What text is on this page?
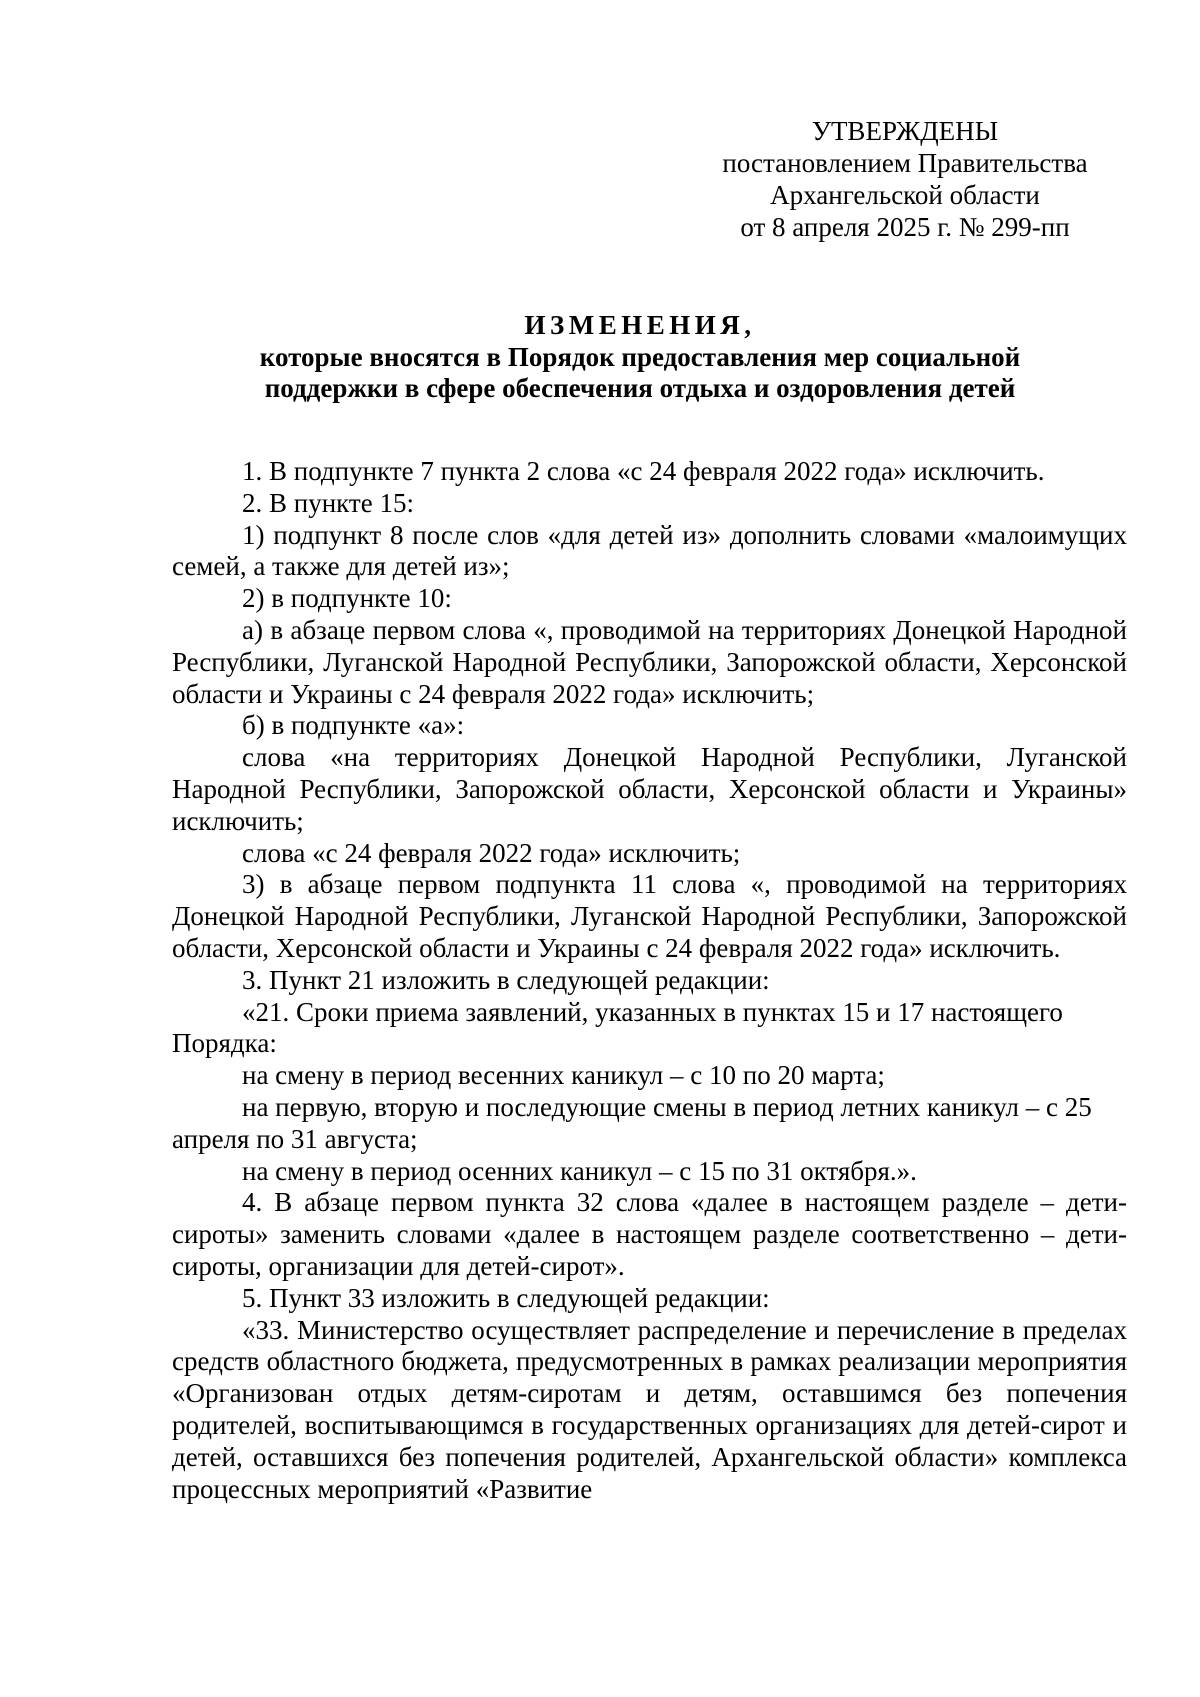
УТВЕРЖДЕНЫ
постановлением Правительства
Архангельской области
от 8 апреля 2025 г. № 299-пп
ИЗМЕНЕНИЯ,
которые вносятся в Порядок предоставления мер социальной
поддержки в сфере обеспечения отдыха и оздоровления детей

1. В подпункте 7 пункта 2 слова «с 24 февраля 2022 года» исключить.

2. В пункте 15:

1) подпункт 8 после слов «для детей из» дополнить словами «малоимущих семей, а также для детей из»;

2) в подпункте 10:

а) в абзаце первом слова «, проводимой на территориях Донецкой Народной Республики, Луганской Народной Республики, Запорожской области, Херсонской области и Украины с 24 февраля 2022 года» исключить;

б) в подпункте «а»:

слова «на территориях Донецкой Народной Республики, Луганской Народной Республики, Запорожской области, Херсонской области и Украины» исключить;

слова «с 24 февраля 2022 года» исключить;

3) в абзаце первом подпункта 11 слова «, проводимой на территориях Донецкой Народной Республики, Луганской Народной Республики, Запорожской области, Херсонской области и Украины с 24 февраля 2022 года» исключить.

3. Пункт 21 изложить в следующей редакции:

«21. Сроки приема заявлений, указанных в пунктах 15 и 17 настоящего Порядка:

на смену в период весенних каникул – с 10 по 20 марта;

на первую, вторую и последующие смены в период летних каникул – с 25 апреля по 31 августа;

на смену в период осенних каникул – с 15 по 31 октября.».

4. В абзаце первом пункта 32 слова «далее в настоящем разделе – дети-сироты» заменить словами «далее в настоящем разделе соответственно – дети-сироты, организации для детей-сирот».

5. Пункт 33 изложить в следующей редакции:

«33. Министерство осуществляет распределение и перечисление в пределах средств областного бюджета, предусмотренных в рамках реализации мероприятия «Организован отдых детям-сиротам и детям, оставшимся без попечения родителей, воспитывающимся в государственных организациях для детей-сирот и детей, оставшихся без попечения родителей, Архангельской области» комплекса процессных мероприятий «Развитие
